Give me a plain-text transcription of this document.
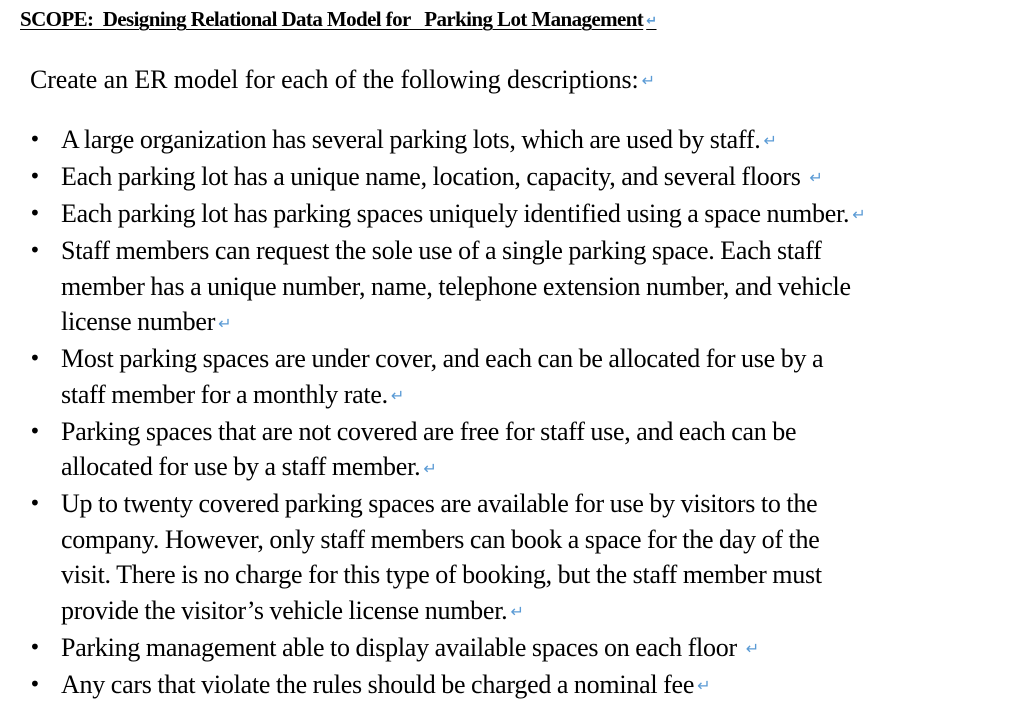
SCOPE:  Designing Relational Data Model for   Parking Lot Management ↵
Create an ER model for each of the following descriptions: ↵
• A large organization has several parking lots, which are used by staff. ↵
• Each parking lot has a unique name, location, capacity, and several floors ↵
• Each parking lot has parking spaces uniquely identified using a space number. ↵
• Staff members can request the sole use of a single parking space. Each staff
member has a unique number, name, telephone extension number, and vehicle
license number ↵
• Most parking spaces are under cover, and each can be allocated for use by a
staff member for a monthly rate. ↵
• Parking spaces that are not covered are free for staff use, and each can be
allocated for use by a staff member. ↵
• Up to twenty covered parking spaces are available for use by visitors to the
company. However, only staff members can book a space for the day of the
visit. There is no charge for this type of booking, but the staff member must
provide the visitor’s vehicle license number. ↵
• Parking management able to display available spaces on each floor ↵
• Any cars that violate the rules should be charged a nominal fee ↵
